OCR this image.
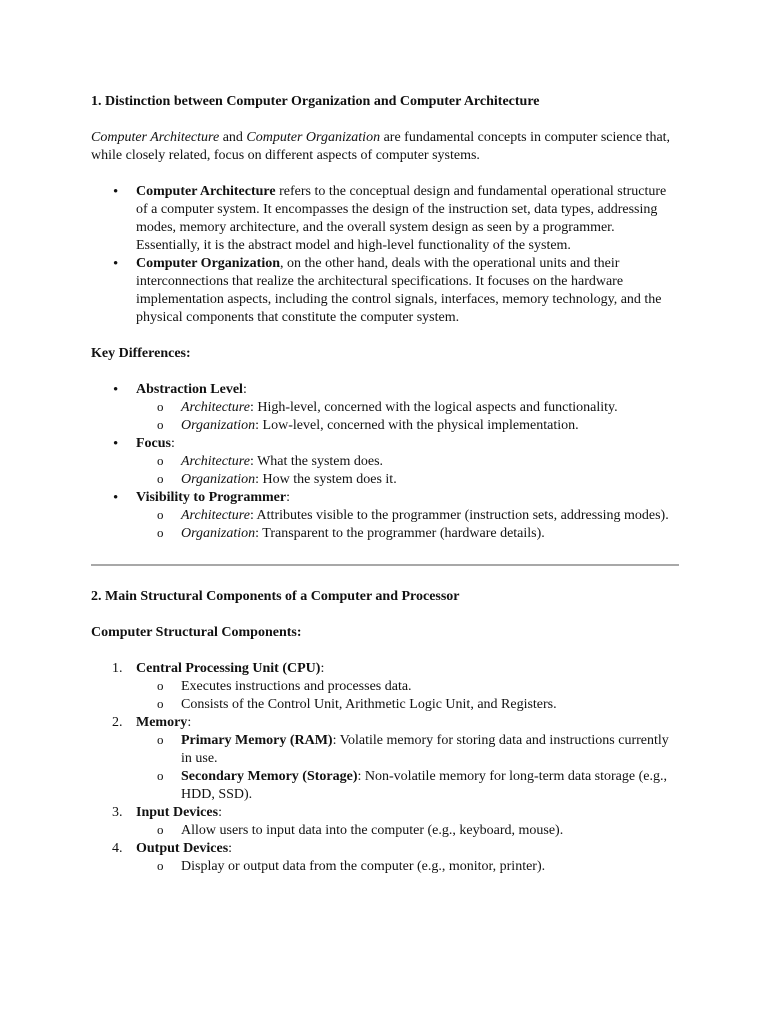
1. Distinction between Computer Organization and Computer Architecture

Computer Architecture and Computer Organization are fundamental concepts in computer science that, while closely related, focus on different aspects of computer systems.

• Computer Architecture refers to the conceptual design and fundamental operational structure of a computer system. It encompasses the design of the instruction set, data types, addressing modes, memory architecture, and the overall system design as seen by a programmer. Essentially, it is the abstract model and high-level functionality of the system.
• Computer Organization, on the other hand, deals with the operational units and their interconnections that realize the architectural specifications. It focuses on the hardware implementation aspects, including the control signals, interfaces, memory technology, and the physical components that constitute the computer system.

Key Differences:

• Abstraction Level:
o Architecture: High-level, concerned with the logical aspects and functionality.
o Organization: Low-level, concerned with the physical implementation.
• Focus:
o Architecture: What the system does.
o Organization: How the system does it.
• Visibility to Programmer:
o Architecture: Attributes visible to the programmer (instruction sets, addressing modes).
o Organization: Transparent to the programmer (hardware details).

2. Main Structural Components of a Computer and Processor

Computer Structural Components:

1. Central Processing Unit (CPU):
o Executes instructions and processes data.
o Consists of the Control Unit, Arithmetic Logic Unit, and Registers.
2. Memory:
o Primary Memory (RAM): Volatile memory for storing data and instructions currently in use.
o Secondary Memory (Storage): Non-volatile memory for long-term data storage (e.g., HDD, SSD).
3. Input Devices:
o Allow users to input data into the computer (e.g., keyboard, mouse).
4. Output Devices:
o Display or output data from the computer (e.g., monitor, printer).
